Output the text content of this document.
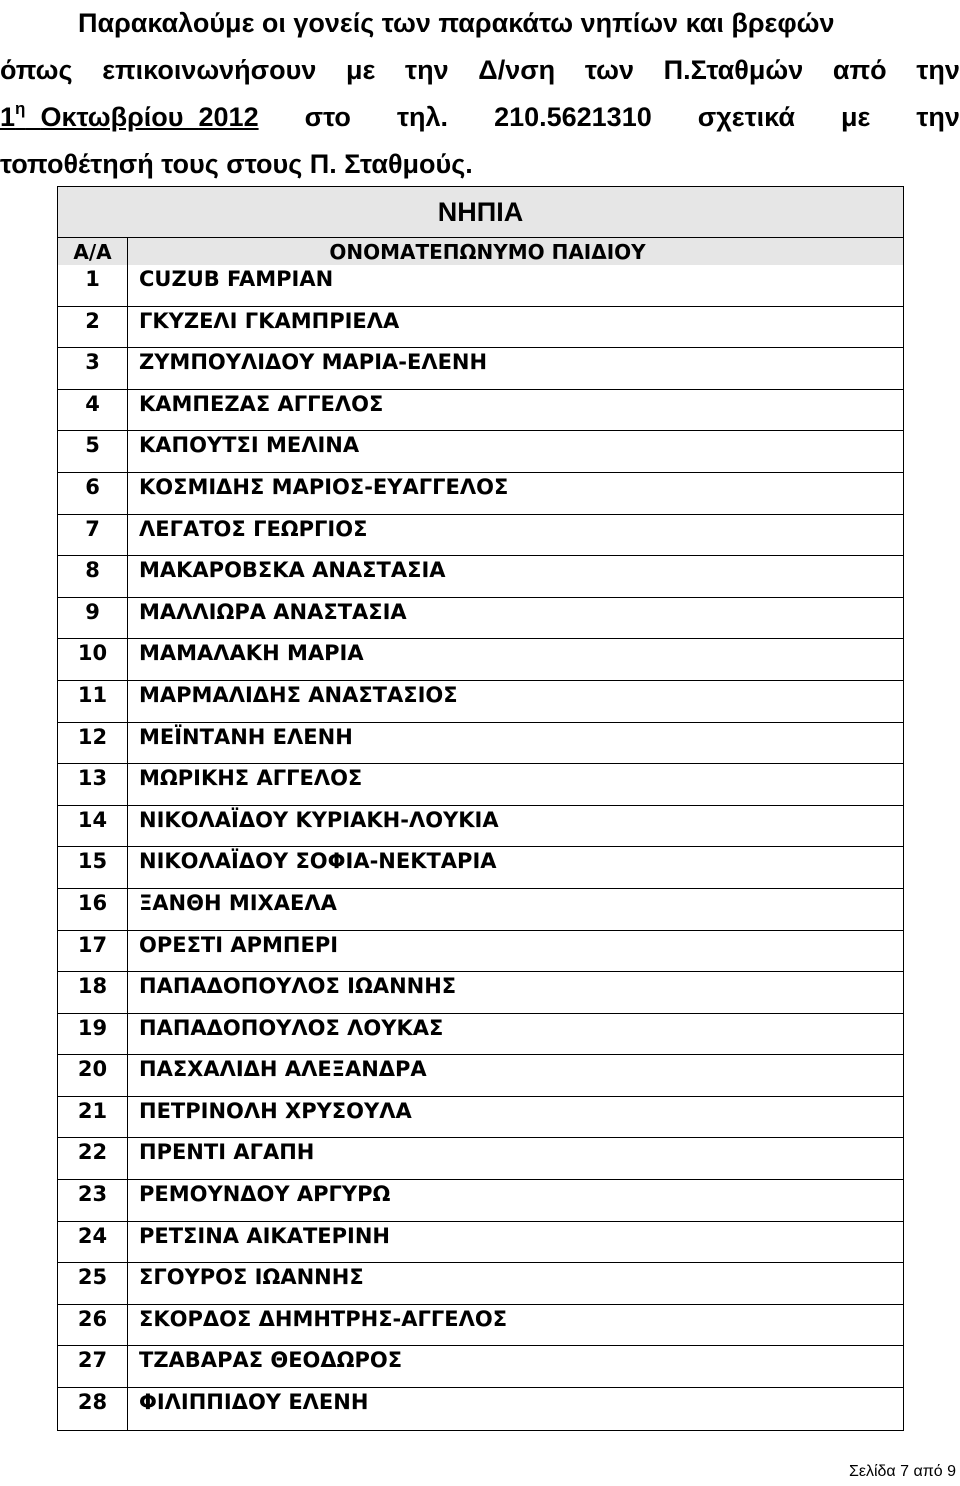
Παρακαλούμε οι γονείς των παρακάτω νηπίων και βρεφών
όπως επικοινωνήσουν με την Δ/νση των Π.Σταθμών από την
$1^\eta$ Οκτωβρίου 2012 στο τηλ. 210.5621310 σχετικά με την
τοποθέτησή τους στους Π. Σταθμούς.
ΝΗΠΙΑ	
Α/Α	ΟΝΟΜΑΤΕΠΩΝΥΜΟ ΠΑΙΔΙΟΥ
1	CUZUB FAMPIAN
2	ΓΚΥΖΕΛΙ ΓΚΑΜΠΡΙΕΛΑ
3	ΖΥΜΠΟΥΛΙΔΟΥ ΜΑΡΙΑ-ΕΛΕΝΗ
4	ΚΑΜΠΕΖΑΣ ΑΓΓΕΛΟΣ
5	ΚΑΠΟΥΤΣΙ ΜΕΛΙΝΑ
6	ΚΟΣΜΙΔΗΣ ΜΑΡΙΟΣ-ΕΥΑΓΓΕΛΟΣ
7	ΛΕΓΑΤΟΣ ΓΕΩΡΓΙΟΣ
8	ΜΑΚΑΡΟΒΣΚΑ ΑΝΑΣΤΑΣΙΑ
9	ΜΑΛΛΙΩΡΑ ΑΝΑΣΤΑΣΙΑ
10	ΜΑΜΑΛΑΚΗ ΜΑΡΙΑ
11	ΜΑΡΜΑΛΙΔΗΣ ΑΝΑΣΤΑΣΙΟΣ
12	ΜΕΪΝΤΑΝΗ ΕΛΕΝΗ
13	ΜΩΡΙΚΗΣ ΑΓΓΕΛΟΣ
14	ΝΙΚΟΛΑΪΔΟΥ ΚΥΡΙΑΚΗ-ΛΟΥΚΙΑ
15	ΝΙΚΟΛΑΪΔΟΥ ΣΟΦΙΑ-ΝΕΚΤΑΡΙΑ
16	ΞΑΝΘΗ ΜΙΧΑΕΛΑ
17	ΟΡΕΣΤΙ ΑΡΜΠΕΡΙ
18	ΠΑΠΑΔΟΠΟΥΛΟΣ ΙΩΑΝΝΗΣ
19	ΠΑΠΑΔΟΠΟΥΛΟΣ ΛΟΥΚΑΣ
20	ΠΑΣΧΑΛΙΔΗ ΑΛΕΞΑΝΔΡΑ
21	ΠΕΤΡΙΝΟΛΗ ΧΡΥΣΟΥΛΑ
22	ΠΡΕΝΤΙ ΑΓΑΠΗ
23	ΡΕΜΟΥΝΔΟΥ ΑΡΓΥΡΩ
24	ΡΕΤΣΙΝΑ ΑΙΚΑΤΕΡΙΝΗ
25	ΣΓΟΥΡΟΣ ΙΩΑΝΝΗΣ
26	ΣΚΟΡΔΟΣ ΔΗΜΗΤΡΗΣ-ΑΓΓΕΛΟΣ
27	ΤΖΑΒΑΡΑΣ ΘΕΟΔΩΡΟΣ
28	ΦΙΛΙΠΠΙΔΟΥ ΕΛΕΝΗ
Σελίδα 7 από 9
